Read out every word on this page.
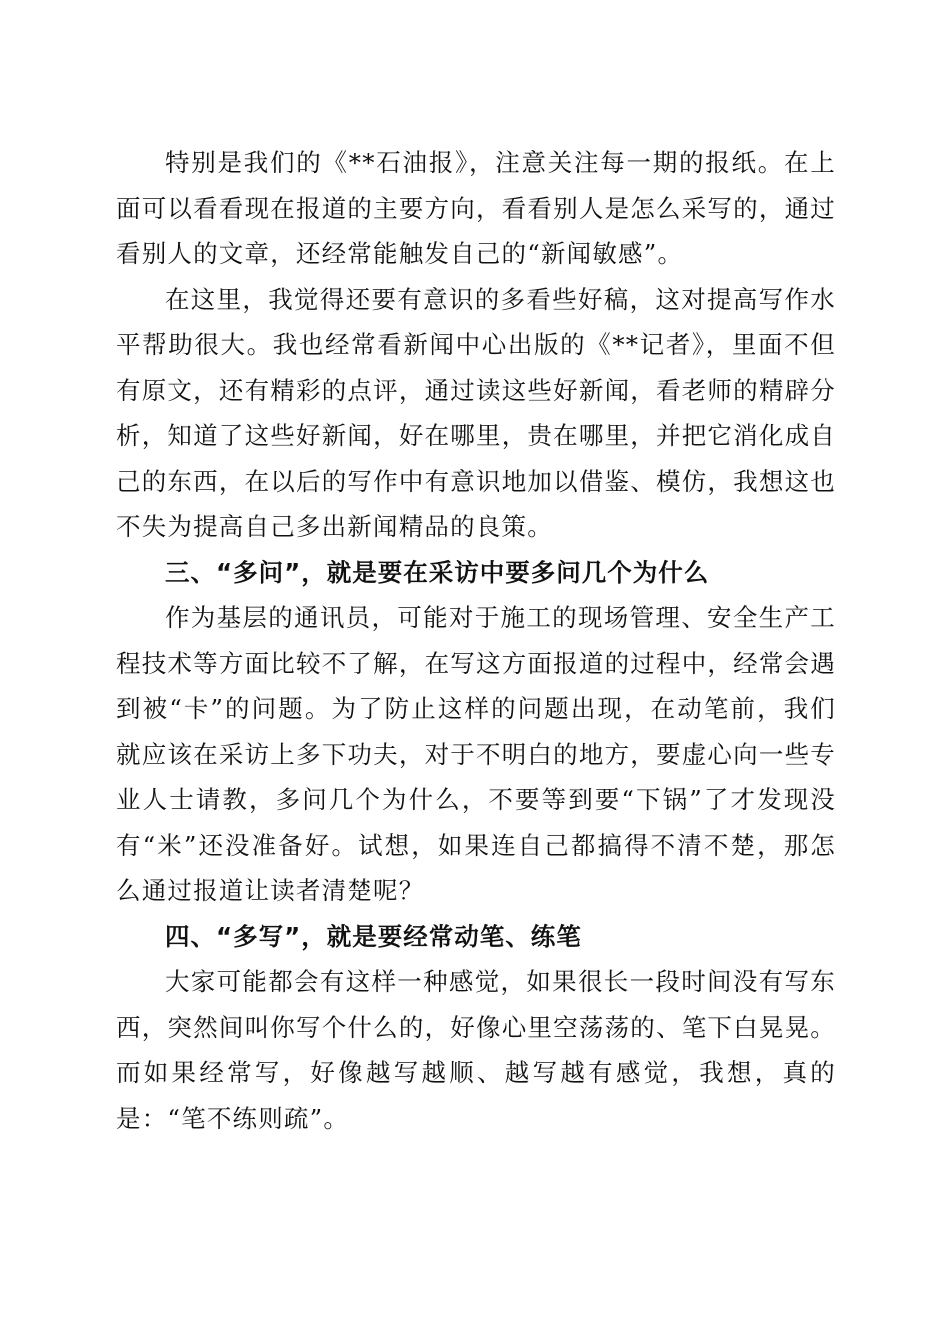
特别是我们的《**石油报》，注意关注每一期的报纸。在上面可以看看现在报道的主要方向，看看别人是怎么采写的，通过看别人的文章，还经常能触发自己的“新闻敏感”。

在这里，我觉得还要有意识的多看些好稿，这对提高写作水平帮助很大。我也经常看新闻中心出版的《**记者》，里面不但有原文，还有精彩的点评，通过读这些好新闻，看老师的精辟分析，知道了这些好新闻，好在哪里，贵在哪里，并把它消化成自己的东西，在以后的写作中有意识地加以借鉴、模仿，我想这也不失为提高自己多出新闻精品的良策。

三、“多问”，就是要在采访中要多问几个为什么

作为基层的通讯员，可能对于施工的现场管理、安全生产工程技术等方面比较不了解，在写这方面报道的过程中，经常会遇到被“卡”的问题。为了防止这样的问题出现，在动笔前，我们就应该在采访上多下功夫，对于不明白的地方，要虚心向一些专业人士请教，多问几个为什么，不要等到要“下锅”了才发现没有“米”还没准备好。试想，如果连自己都搞得不清不楚，那怎么通过报道让读者清楚呢？

四、“多写”，就是要经常动笔、练笔

大家可能都会有这样一种感觉，如果很长一段时间没有写东西，突然间叫你写个什么的，好像心里空荡荡的、笔下白晃晃。而如果经常写，好像越写越顺、越写越有感觉，我想，真的是：“笔不练则疏”。
